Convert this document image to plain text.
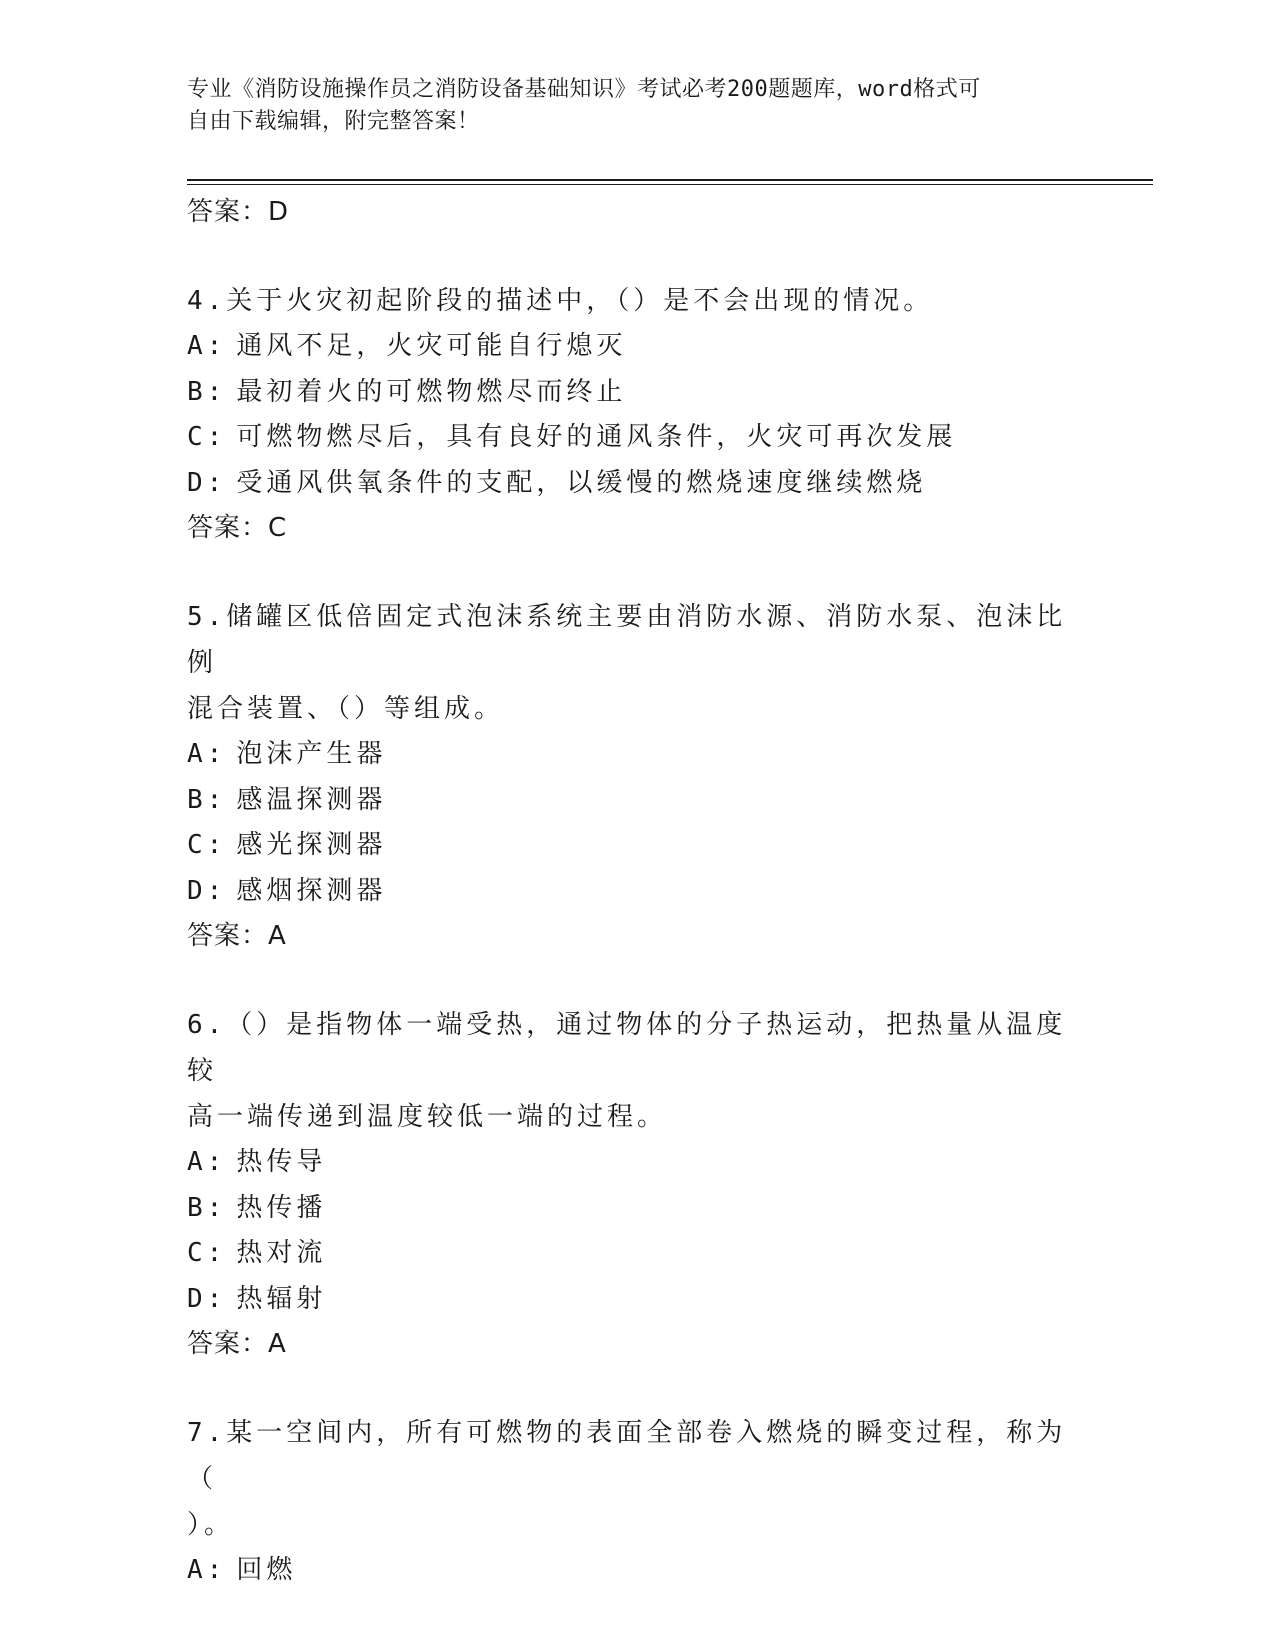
专业《消防设施操作员之消防设备基础知识》考试必考200题题库，word格式可
自由下载编辑，附完整答案！
答案：D
4.关于火灾初起阶段的描述中，（）是不会出现的情况。
A: 通风不足，火灾可能自行熄灭
B: 最初着火的可燃物燃尽而终止
C: 可燃物燃尽后，具有良好的通风条件，火灾可再次发展
D: 受通风供氧条件的支配，以缓慢的燃烧速度继续燃烧
答案：C
5.储罐区低倍固定式泡沫系统主要由消防水源、消防水泵、泡沫比例
混合装置、（）等组成。
A: 泡沫产生器
B: 感温探测器
C: 感光探测器
D: 感烟探测器
答案：A
6.（）是指物体一端受热，通过物体的分子热运动，把热量从温度较
高一端传递到温度较低一端的过程。
A: 热传导
B: 热传播
C: 热对流
D: 热辐射
答案：A
7.某一空间内，所有可燃物的表面全部卷入燃烧的瞬变过程，称为（
）。
A: 回燃
